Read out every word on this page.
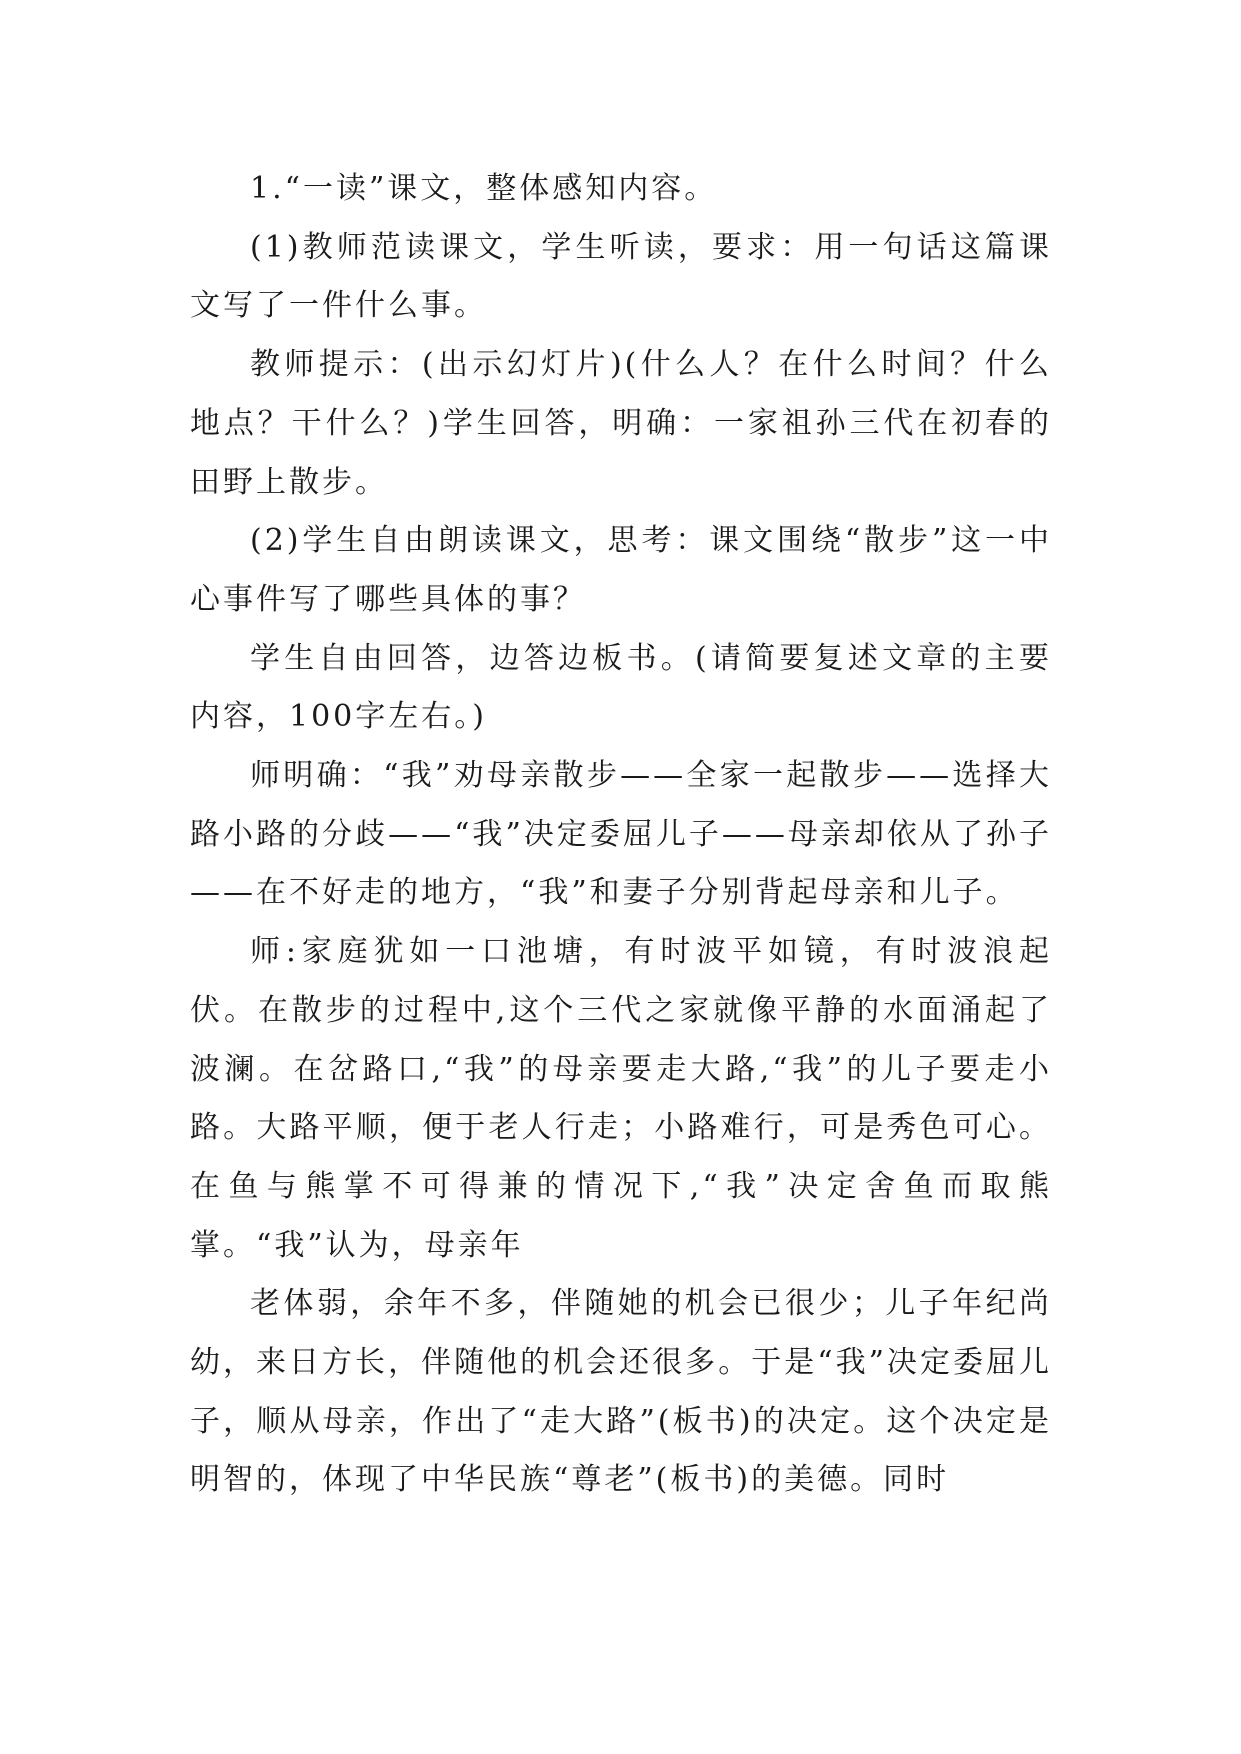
1.“一读”课文，整体感知内容。

(1)教师范读课文，学生听读，要求：用一句话这篇课文写了一件什么事。

教师提示：(出示幻灯片)(什么人？在什么时间？什么地点？干什么？)学生回答，明确：一家祖孙三代在初春的田野上散步。

(2)学生自由朗读课文，思考：课文围绕“散步”这一中心事件写了哪些具体的事？

学生自由回答，边答边板书。(请简要复述文章的主要内容，100字左右。)

师明确：“我”劝母亲散步——全家一起散步——选择大路小路的分歧——“我”决定委屈儿子——母亲却依从了孙子——在不好走的地方，“我”和妻子分别背起母亲和儿子。

师:家庭犹如一口池塘，有时波平如镜，有时波浪起伏。在散步的过程中,这个三代之家就像平静的水面涌起了波澜。在岔路口,“我”的母亲要走大路,“我”的儿子要走小路。大路平顺，便于老人行走；小路难行，可是秀色可心。在鱼与熊掌不可得兼的情况下,“我”决定舍鱼而取熊掌。“我”认为，母亲年

老体弱，余年不多，伴随她的机会已很少；儿子年纪尚幼，来日方长，伴随他的机会还很多。于是“我”决定委屈儿子，顺从母亲，作出了“走大路”(板书)的决定。这个决定是明智的，体现了中华民族“尊老”(板书)的美德。同时
